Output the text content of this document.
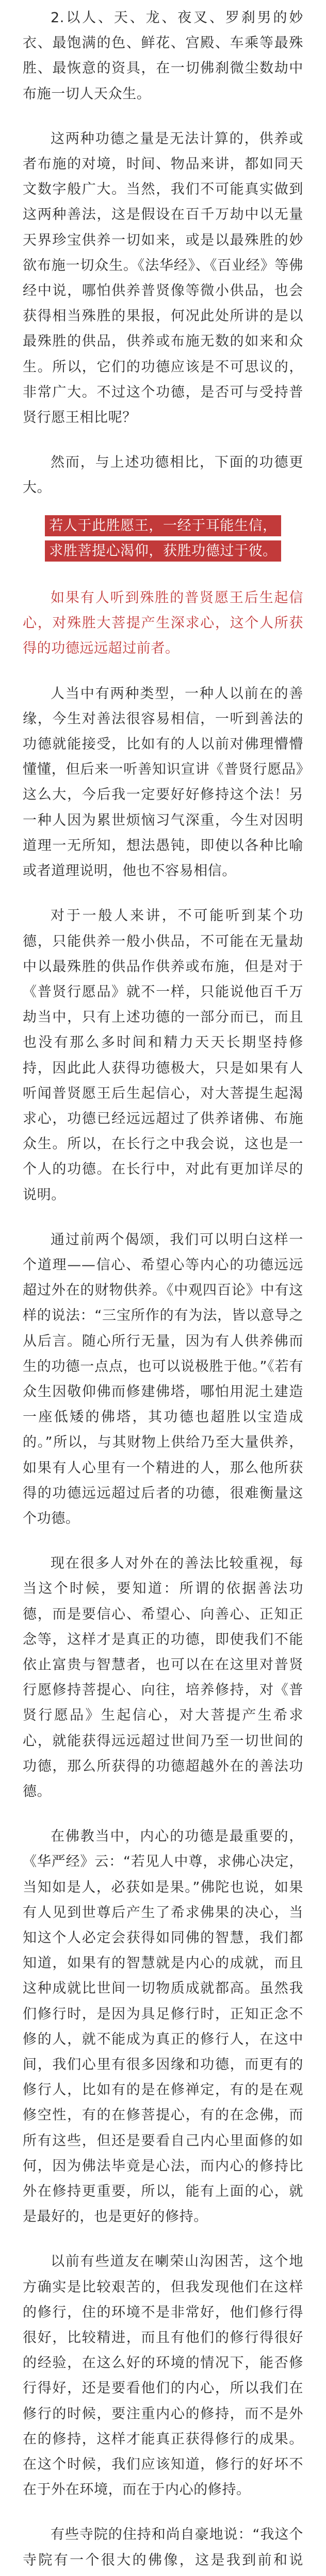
2.以人、天、龙、夜叉、罗刹男的妙衣、最饱满的色、鲜花、宫殿、车乘等最殊胜、最恢意的资具，在一切佛刹微尘数劫中布施一切人天众生。

这两种功德之量是无法计算的，供养或者布施的对境，时间、物品来讲，都如同天文数字般广大。当然，我们不可能真实做到这两种善法，这是假设在百千万劫中以无量天界珍宝供养一切如来，或是以最殊胜的妙欲布施一切众生。《法华经》、《百业经》等佛经中说，哪怕供养普贤像等微小供品，也会获得相当殊胜的果报，何况此处所讲的是以最殊胜的供品，供养或布施无数的如来和众生。所以，它们的功德应该是不可思议的，非常广大。不过这个功德，是否可与受持普贤行愿王相比呢？

然而，与上述功德相比，下面的功德更大。

若人于此胜愿王，一经于耳能生信，
求胜菩提心渴仰，获胜功德过于彼。

如果有人听到殊胜的普贤愿王后生起信心，对殊胜大菩提产生深求心，这个人所获得的功德远远超过前者。

人当中有两种类型，一种人以前在的善缘，今生对善法很容易相信，一听到善法的功德就能接受，比如有的人以前对佛理懵懵懂懂，但后来一听善知识宣讲《普贤行愿品》这么大，今后我一定要好好修持这个法！另一种人因为累世烦恼习气深重，今生对因明道理一无所知，想法愚钝，即使以各种比喻或者道理说明，他也不容易相信。

对于一般人来讲，不可能听到某个功德，只能供养一般小供品，不可能在无量劫中以最殊胜的供品作供养或布施，但是对于《普贤行愿品》就不一样，只能说他百千万劫当中，只有上述功德的一部分而已，而且也没有那么多时间和精力天天长期坚持修持，因此此人获得功德极大，只是如果有人听闻普贤愿王后生起信心，对大菩提生起渴求心，功德已经远远超过了供养诸佛、布施众生。所以，在长行之中我会说，这也是一个人的功德。在长行中，对此有更加详尽的说明。

通过前两个偈颂，我们可以明白这样一个道理——信心、希望心等内心的功德远远超过外在的财物供养。《中观四百论》中有这样的说法：“三宝所作的有为法，皆以意导之从后言。随心所行无量，因为有人供养佛而生的功德一点点，也可以说极胜于他。”《若有众生因敬仰佛而修建佛塔，哪怕用泥土建造一座低矮的佛塔，其功德也超胜以宝造成的。”所以，与其财物上供给乃至大量供养，如果有人心里有一个精进的人，那么他所获得的功德远远超过后者的功德，很难衡量这个功德。

现在很多人对外在的善法比较重视，每当这个时候，要知道：所谓的依据善法功德，而是要信心、希望心、向善心、正知正念等，这样才是真正的功德，即使我们不能依止富贵与智慧者，也可以在在这里对普贤行愿修持菩提心、向往，培养修持，对《普贤行愿品》生起信心，对大菩提产生希求心，就能获得远远超过世间乃至一切世间的功德，那么所获得的功德超越外在的善法功德。

在佛教当中，内心的功德是最重要的，《华严经》云：“若见人中尊，求佛心决定，当知如是人，必获如是果。”佛陀也说，如果有人见到世尊后产生了希求佛果的决心，当知这个人必定会获得如同佛的智慧，我们都知道，如果有的智慧就是内心的成就，而且这种成就比世间一切物质成就都高。虽然我们修行时，是因为具足修行时，正知正念不修的人，就不能成为真正的修行人，在这中间，我们心里有很多因缘和功德，而更有的修行人，比如有的是在修禅定，有的是在观修空性，有的在修菩提心，有的在念佛，而所有这些，但还是要看自己内心里面修的如何，因为佛法毕竟是心法，而内心的修持比外在修持更重要，所以，能有上面的心，就是最好的，也是更好的修持。

以前有些道友在喇荣山沟困苦，这个地方确实是比较艰苦的，但我发现他们在这样的修行，住的环境不是非常好，他们修行得很好，比较精进，而且有他们的修行得很好的经验，在这么好的环境的情况下，能否修行得好，还是要看他们的内心，所以我们在修行的时候，要注重内心的修持，而不是外在的修持，这样才能真正获得修行的成果。在这个时候，我们应该知道，修行的好坏不在于外在环境，而在于内心的修持。

有些寺院的住持和尚自豪地说：“我这个寺院有一个很大的佛像，这是我到前和说
